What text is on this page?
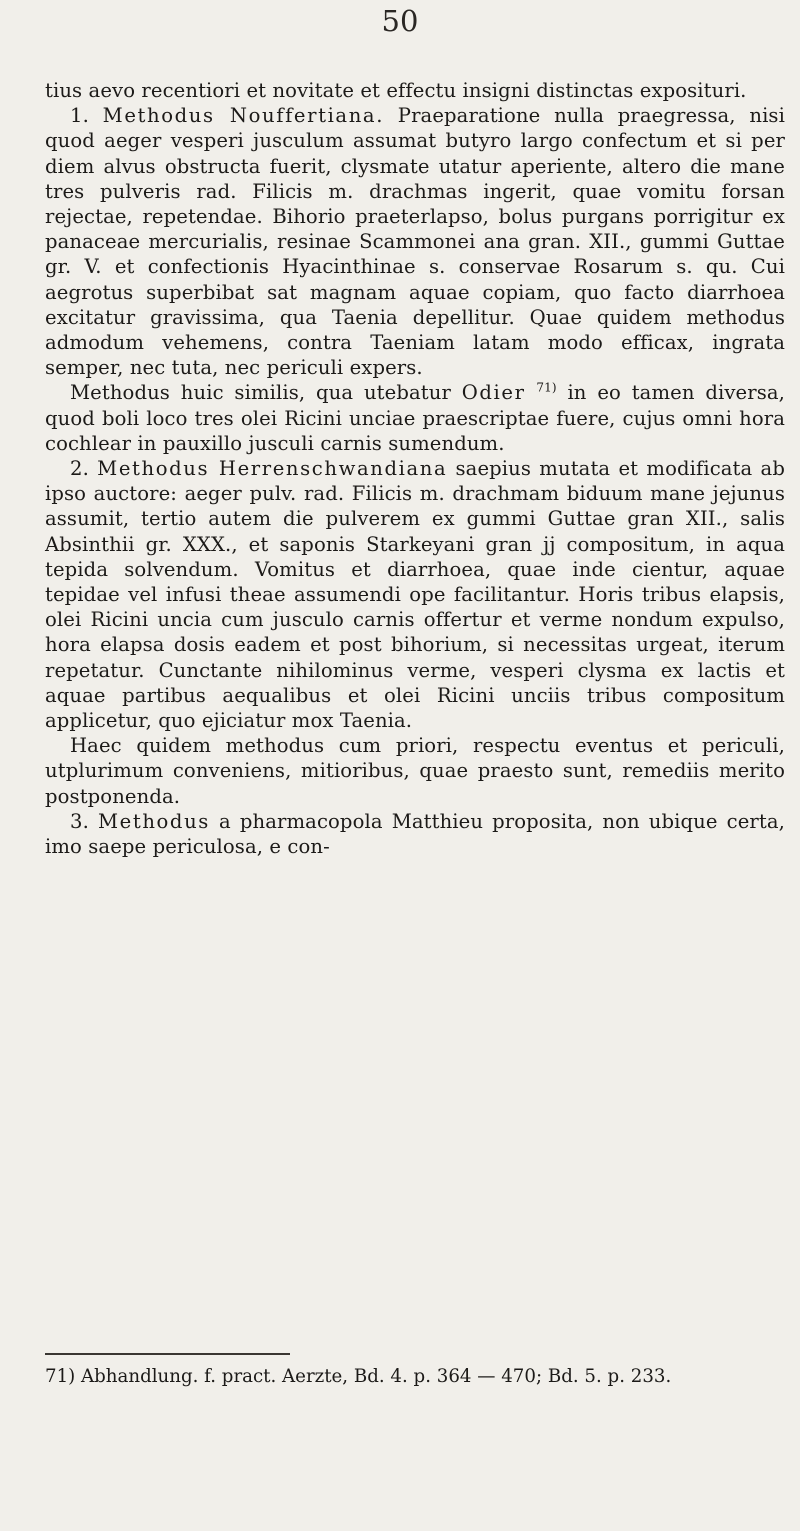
50

tius aevo recentiori et novitate et effectu insigni distinctas exposituri.

1. Methodus Nouffertiana. Praeparatione nulla praegressa, nisi quod aeger vesperi jusculum assumat butyro largo confectum et si per diem alvus obstructa fuerit, clysmate utatur aperiente, altero die mane tres pulveris rad. Filicis m. drachmas ingerit, quae vomitu forsan rejectae, repetendae. Bihorio praeterlapso, bolus purgans porrigitur ex panaceae mercurialis, resinae Scammonei ana gran. XII., gummi Guttae gr. V. et confectionis Hyacinthinae s. conservae Rosarum s. qu. Cui aegrotus superbibat sat magnam aquae copiam, quo facto diarrhoea excitatur gravissima, qua Taenia depellitur. Quae quidem methodus admodum vehemens, contra Taeniam latam modo efficax, ingrata semper, nec tuta, nec periculi expers.

Methodus huic similis, qua utebatur Odier $^{71)}$ in eo tamen diversa, quod boli loco tres olei Ricini unciae praescriptae fuere, cujus omni hora cochlear in pauxillo jusculi carnis sumendum.

2. Methodus Herrenschwandiana saepius mutata et modificata ab ipso auctore: aeger pulv. rad. Filicis m. drachmam biduum mane jejunus assumit, tertio autem die pulverem ex gummi Guttae gran XII., salis Absinthii gr. XXX., et saponis Starkeyani gran jj compositum, in aqua tepida solvendum. Vomitus et diarrhoea, quae inde cientur, aquae tepidae vel infusi theae assumendi ope facilitantur. Horis tribus elapsis, olei Ricini uncia cum jusculo carnis offertur et verme nondum expulso, hora elapsa dosis eadem et post bihorium, si necessitas urgeat, iterum repetatur. Cunctante nihilominus verme, vesperi clysma ex lactis et aquae partibus aequalibus et olei Ricini unciis tribus compositum applicetur, quo ejiciatur mox Taenia.

Haec quidem methodus cum priori, respectu eventus et periculi, utplurimum conveniens, mitioribus, quae praesto sunt, remediis merito postponenda.

3. Methodus a pharmacopola Matthieu proposita, non ubique certa, imo saepe periculosa, e con-

71) Abhandlung. f. pract. Aerzte, Bd. 4. p. 364 — 470; Bd. 5. p. 233.
